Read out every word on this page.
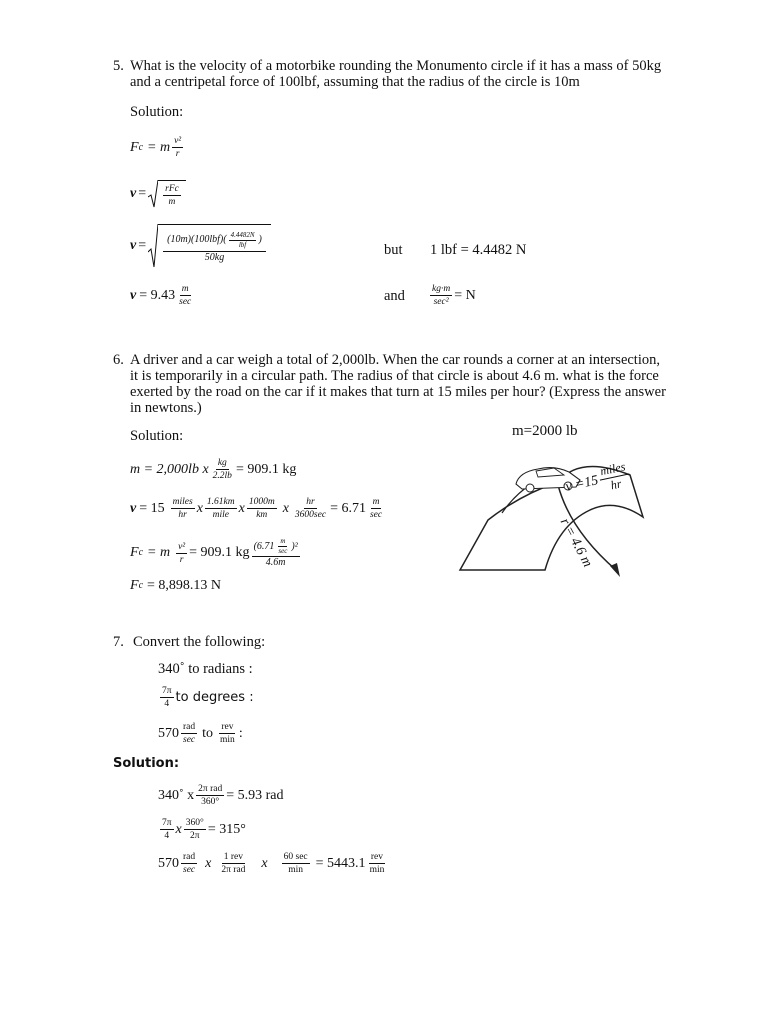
5. What is the velocity of a motorbike rounding the Monumento circle if it has a mass of 50kg
and a centripetal force of 100lbf, assuming that the radius of the circle is 10m
Solution:
F c = m $\frac{\text{v²}}{r}$
$v = \frac{\text{rFc}}{m}$
$v = \frac{(10m)(100lbf)( \frac{4.4482N}{\text{lbf}} )}{50kg}$	but 1 lbf = 4.4482 N
$v = 9.43 \frac{m}{\sec}$	and	$\frac{kg\cdot m}{\text{sec²}} = N$
6. A driver and a car weigh a total of 2,000lb. When the car rounds a corner at an intersection,
it is temporarily in a circular path. The radius of that circle is about 4.6 m. what is the force
exerted by the road on the car if it makes that turn at 15 miles per hour? (Express the answer
in newtons.)
Solution:
m = 2,000lb x $\frac{kg}{2.2lb} = 909.1$ kg
$v = 15 \frac{\text{miles}}{hr}$ x $\frac{1.61km}{\text{mile}}$ x $\frac{1000m}{km}$ x $\frac{hr}{3600\sec} = 6.71 \frac{m}{\sec}$
F c = m $\frac{\text{v²}}{r} = 909.1$ kg $\frac{(6.71 \frac{m}{\sec} )^2}{4.6m}$
F c = 8,898.13 N
m=2000 lb
v =15
miles
hr
r = 4.6 m
7. Convert the following:
340˚ to radians :
$\frac{7\pi}{4}$ to degrees :
$570 \frac{\text{rad}}{\sec}$ to $\frac{\text{rev}}{\min}$ :
Solution:
340˚ x $\frac{\text{2π rad}}{360^\circ} = 5.93$ rad
$\frac{7\pi}{4}$ x $\frac{360^\circ}{2\pi} = 315^\circ$
$570 \frac{\text{rad}}{\sec}$ x $\frac{\text{1 rev}}{\text{2π rad}}$ x $\frac{60 \sec}{\min} = 5443.1 \frac{\text{rev}}{\min}$
